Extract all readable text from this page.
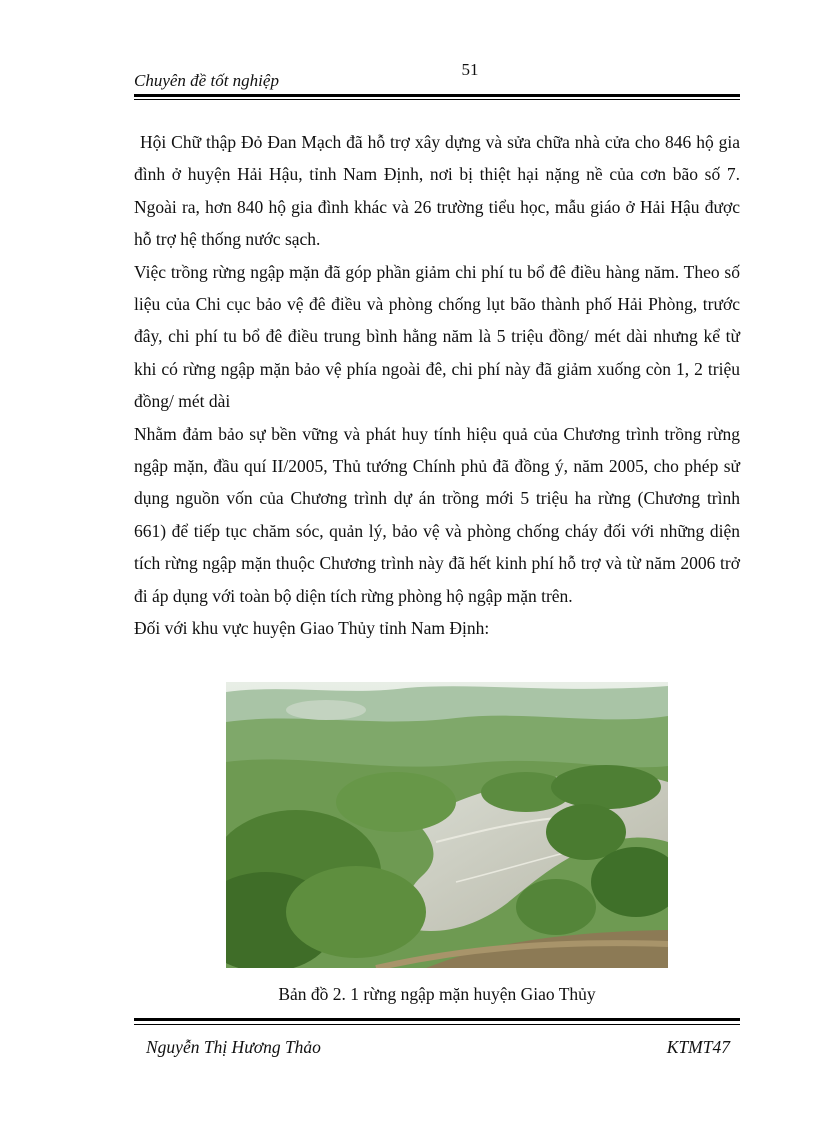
51
Chuyên đề tốt nghiệp

Hội Chữ thập Đỏ Đan Mạch đã hỗ trợ xây dựng và sửa chữa nhà cửa cho 846 hộ gia đình ở huyện Hải Hậu, tỉnh Nam Định, nơi bị thiệt hại nặng nề của cơn bão số 7. Ngoài ra, hơn 840 hộ gia đình khác và 26 trường tiểu học, mẫu giáo ở Hải Hậu được hỗ trợ hệ thống nước sạch.

Việc trồng rừng ngập mặn đã góp phần giảm chi phí tu bổ đê điều hàng năm. Theo số liệu của Chi cục bảo vệ đê điều và phòng chống lụt bão thành phố Hải Phòng, trước đây, chi phí tu bổ đê điều trung bình hằng năm là 5 triệu đồng/ mét dài nhưng kể từ khi có rừng ngập mặn bảo vệ phía ngoài đê, chi phí này đã giảm xuống còn 1, 2 triệu đồng/ mét dài

Nhằm đảm bảo sự bền vững và phát huy tính hiệu quả của Chương trình trồng rừng ngập mặn, đầu quí II/2005, Thủ tướng Chính phủ đã đồng ý, năm 2005, cho phép sử dụng nguồn vốn của Chương trình dự án trồng mới 5 triệu ha rừng (Chương trình 661) để tiếp tục chăm sóc, quản lý, bảo vệ và phòng chống cháy đối với những diện tích rừng ngập mặn thuộc Chương trình này đã hết kinh phí hỗ trợ và từ năm 2006 trở đi áp dụng với toàn bộ diện tích rừng phòng hộ ngập mặn trên.

Đối với khu vực huyện Giao Thủy tỉnh Nam Định:

Bản đồ 2. 1 rừng ngập mặn huyện Giao Thủy
Nguyễn Thị Hương Thảo	KTMT47
